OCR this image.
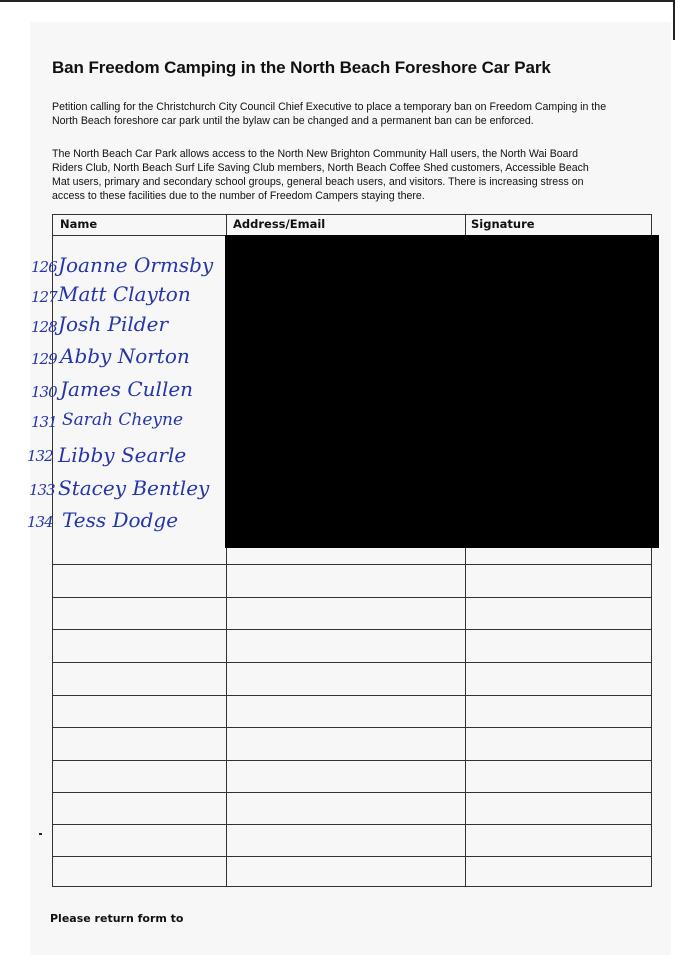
Ban Freedom Camping in the North Beach Foreshore Car Park

Petition calling for the Christchurch City Council Chief Executive to place a temporary ban on Freedom Camping in the
North Beach foreshore car park until the bylaw can be changed and a permanent ban can be enforced.

The North Beach Car Park allows access to the North New Brighton Community Hall users, the North Wai Board
Riders Club, North Beach Surf Life Saving Club members, North Beach Coffee Shed customers, Accessible Beach
Mat users, primary and secondary school groups, general beach users, and visitors. There is increasing stress on
access to these facilities due to the number of Freedom Campers staying there.

Name	Address/Email	Signature
126 Joanne Ormsby
127 Matt Clayton
128 Josh Pilder
129 Abby Norton
130 James Cullen
131 Sarah Cheyne
132 Libby Searle
133 Stacey Bentley
134 Tess Dodge

Please return form to
